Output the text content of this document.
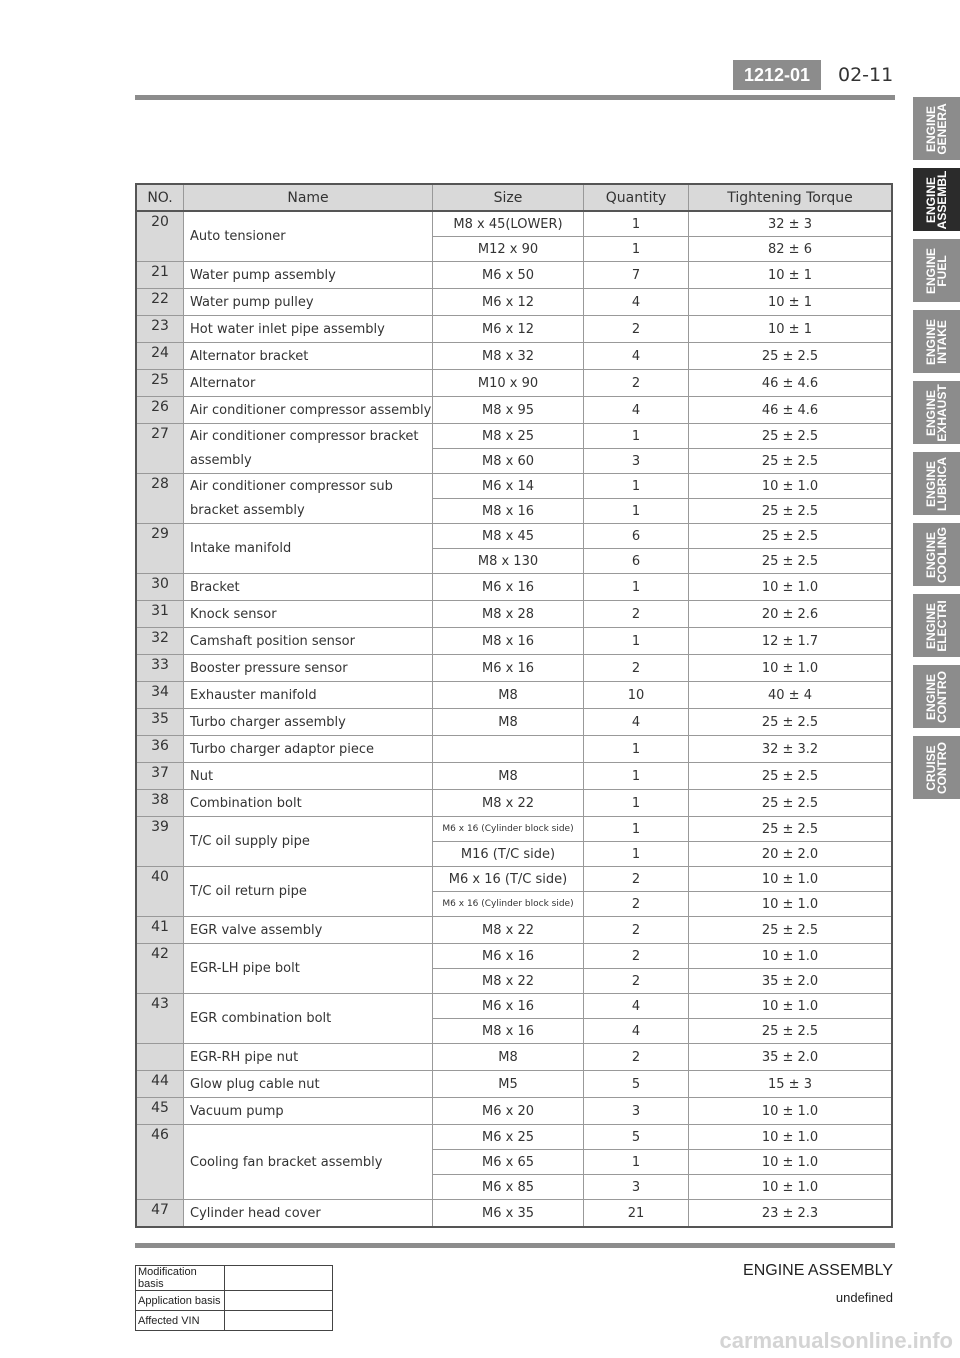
1212-01	02-11
ENGINE
GENERA
ENGINE
ASSEMBL
ENGINE
FUEL
ENGINE
INTAKE
ENGINE
EXHAUST
ENGINE
LUBRICA
ENGINE
COOLING
ENGINE
ELECTRI
ENGINE
CONTRO
CRUISE
CONTRO
NO.	Name	Size	Quantity	Tightening Torque
20	Auto tensioner	M8 x 45(LOWER)	1	32 ± 3
		M12 x 90	1	82 ± 6
21	Water pump assembly	M6 x 50	7	10 ± 1
22	Water pump pulley	M6 x 12	4	10 ± 1
23	Hot water inlet pipe assembly	M6 x 12	2	10 ± 1
24	Alternator bracket	M8 x 32	4	25 ± 2.5
25	Alternator	M10 x 90	2	46 ± 4.6
26	Air conditioner compressor assembly	M8 x 95	4	46 ± 4.6
27	Air conditioner compressor bracket	M8 x 25	1	25 ± 2.5
	assembly	M8 x 60	3	25 ± 2.5
28	Air conditioner compressor sub	M6 x 14	1	10 ± 1.0
	bracket assembly	M8 x 16	1	25 ± 2.5
29	Intake manifold	M8 x 45	6	25 ± 2.5
		M8 x 130	6	25 ± 2.5
30	Bracket	M6 x 16	1	10 ± 1.0
31	Knock sensor	M8 x 28	2	20 ± 2.6
32	Camshaft position sensor	M8 x 16	1	12 ± 1.7
33	Booster pressure sensor	M6 x 16	2	10 ± 1.0
34	Exhauster manifold	M8	10	40 ± 4
35	Turbo charger assembly	M8	4	25 ± 2.5
36	Turbo charger adaptor piece		1	32 ± 3.2
37	Nut	M8	1	25 ± 2.5
38	Combination bolt	M8 x 22	1	25 ± 2.5
39	T/C oil supply pipe	M6 x 16 (Cylinder block side)	1	25 ± 2.5
		M16 (T/C side)	1	20 ± 2.0
40	T/C oil return pipe	M6 x 16 (T/C side)	2	10 ± 1.0
		M6 x 16 (Cylinder block side)	2	10 ± 1.0
41	EGR valve assembly	M8 x 22	2	25 ± 2.5
42	EGR-LH pipe bolt	M6 x 16	2	10 ± 1.0
		M8 x 22	2	35 ± 2.0
43	EGR combination bolt	M6 x 16	4	10 ± 1.0
		M8 x 16	4	25 ± 2.5
	EGR-RH pipe nut	M8	2	35 ± 2.0
44	Glow plug cable nut	M5	5	15 ± 3
45	Vacuum pump	M6 x 20	3	10 ± 1.0
46	Cooling fan bracket assembly	M6 x 25	5	10 ± 1.0
		M6 x 65	1	10 ± 1.0
		M6 x 85	3	10 ± 1.0
47	Cylinder head cover	M6 x 35	21	23 ± 2.3
Modification basis	
Application basis	
Affected VIN	
ENGINE ASSEMBLY
undefined
carmanualsonline.info
